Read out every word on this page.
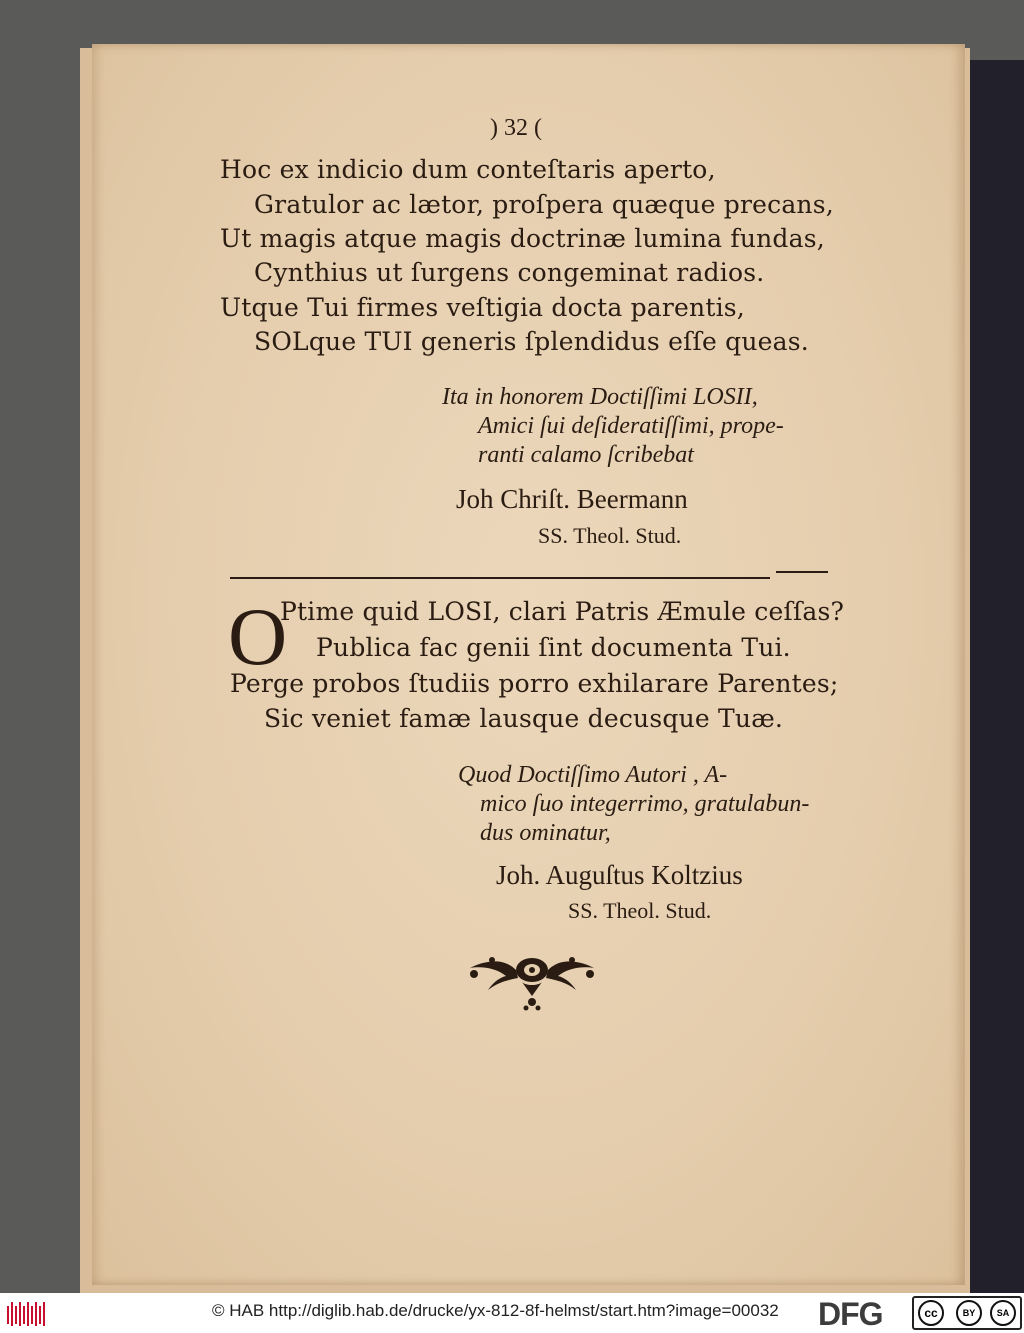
) 32 (
Hoc ex indicio dum conteſtaris aperto,
Gratulor ac lætor, proſpera quæque precans,
Ut magis atque magis doctrinæ lumina fundas,
Cynthius ut ſurgens congeminat radios.
Utque Tui firmes veſtigia docta parentis,
SOLque TUI generis ſplendidus eſſe queas.
Ita in honorem Doctiſſimi LOSII,
Amici ſui deſideratiſſimi, prope-
ranti calamo ſcribebat
Joh Chriſt. Beermann
SS. Theol. Stud.
O
Ptime quid LOSI, clari Patris Æmule ceſſas?
Publica fac genii ſint documenta Tui.
Perge probos ſtudiis porro exhilarare Parentes;
Sic veniet famæ lausque decusque Tuæ.
Quod Doctiſſimo Autori , A-
mico ſuo integerrimo, gratulabun-
dus ominatur,
Joh. Auguſtus Koltzius
SS. Theol. Stud.
© HAB http://diglib.hab.de/drucke/yx-812-8f-helmst/start.htm?image=00032 DFG	cc	BY	SA
